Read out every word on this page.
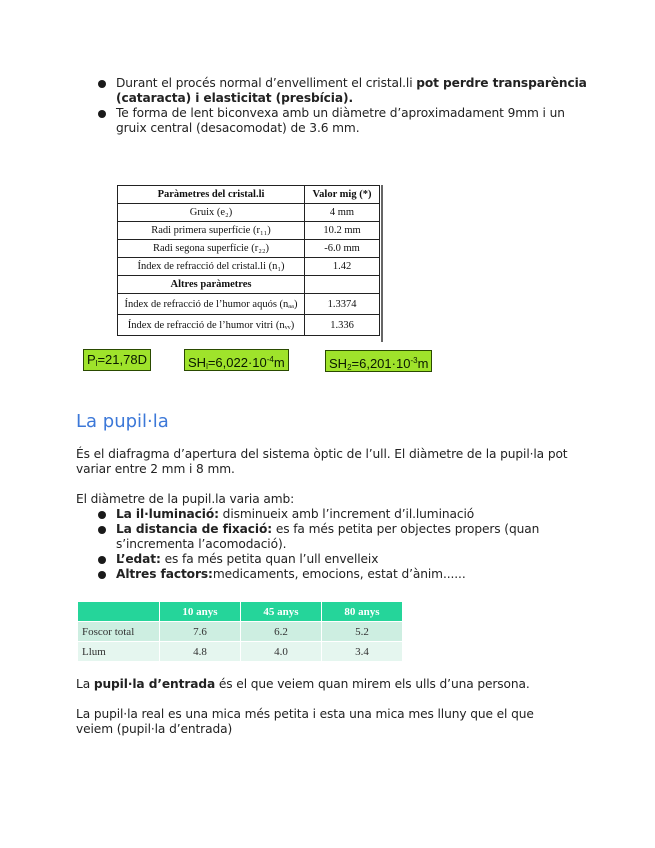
Durant el procés normal d’envelliment el cristal.li pot perdre transparència (cataracta) i elasticitat (presbícia).
Te forma de lent biconvexa amb un diàmetre d’aproximadament 9mm i un gruix central (desacomodat) de 3.6 mm.
Paràmetres del cristal.li	Valor mig (*)
Gruix (e₂)	4 mm
Radi primera superfície (r₁₁)	10.2 mm
Radi segona superfície (r₂₂)	-6.0 mm
Índex de refracció del cristal.li (n₁)	1.42
Altres paràmetres	
Índex de refracció de l’humor aquós (nₐₐ)	1.3374
Índex de refracció de l’humor vitri (nᵥᵥ)	1.336
$P_l=21,78D$	$SH_l=6,022\cdot 10^{-4}m$	$SH_2=6,201\cdot 10^{-3}m$
La pupil·la
És el diafragma d’apertura del sistema òptic de l’ull. El diàmetre de la pupil·la pot variar entre 2 mm i 8 mm.
El diàmetre de la pupil.la varia amb:
La il·luminació: disminueix amb l’increment d’il.luminació
La distancia de fixació: es fa més petita per objectes propers (quan s’incrementa l’acomodació).
L’edat: es fa més petita quan l’ull envelleix
Altres factors:medicaments, emocions, estat d’ànim......
	10 anys	45 anys	80 anys
Foscor total	7.6	6.2	5.2
Llum	4.8	4.0	3.4
La pupil·la d’entrada és el que veiem quan mirem els ulls d’una persona.
La pupil·la real es una mica més petita i esta una mica mes lluny que el que veiem (pupil·la d’entrada)
